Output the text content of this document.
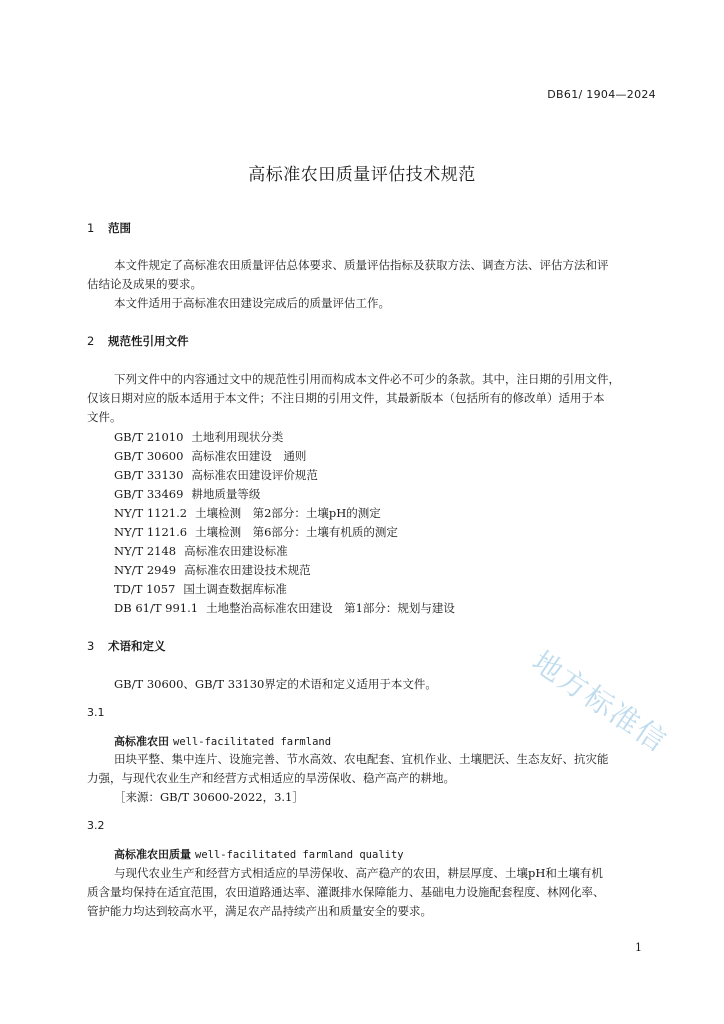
DB61/ 1904—2024
高标准农田质量评估技术规范
1 范围
本文件规定了高标准农田质量评估总体要求、质量评估指标及获取方法、调查方法、评估方法和评
估结论及成果的要求。
本文件适用于高标准农田建设完成后的质量评估工作。
2 规范性引用文件
下列文件中的内容通过文中的规范性引用而构成本文件必不可少的条款。其中，注日期的引用文件，
仅该日期对应的版本适用于本文件；不注日期的引用文件，其最新版本（包括所有的修改单）适用于本
文件。
GB/T 21010 土地利用现状分类
GB/T 30600 高标准农田建设　通则
GB/T 33130 高标准农田建设评价规范
GB/T 33469 耕地质量等级
NY/T 1121.2 土壤检测　第2部分：土壤pH的测定
NY/T 1121.6 土壤检测　第6部分：土壤有机质的测定
NY/T 2148 高标准农田建设标准
NY/T 2949 高标准农田建设技术规范
TD/T 1057 国土调查数据库标准
DB 61/T 991.1 土地整治高标准农田建设　第1部分：规划与建设
3 术语和定义
GB/T 30600、GB/T 33130界定的术语和定义适用于本文件。
3.1
高标准农田 well-facilitated farmland
田块平整、集中连片、设施完善、节水高效、农电配套、宜机作业、土壤肥沃、生态友好、抗灾能
力强，与现代农业生产和经营方式相适应的旱涝保收、稳产高产的耕地。
［来源：GB/T 30600-2022，3.1］
3.2
高标准农田质量 well-facilitated farmland quality
与现代农业生产和经营方式相适应的旱涝保收、高产稳产的农田，耕层厚度、土壤pH和土壤有机
质含量均保持在适宜范围，农田道路通达率、灌溉排水保障能力、基础电力设施配套程度、林网化率、
管护能力均达到较高水平，满足农产品持续产出和质量安全的要求。
1
地方标准信
